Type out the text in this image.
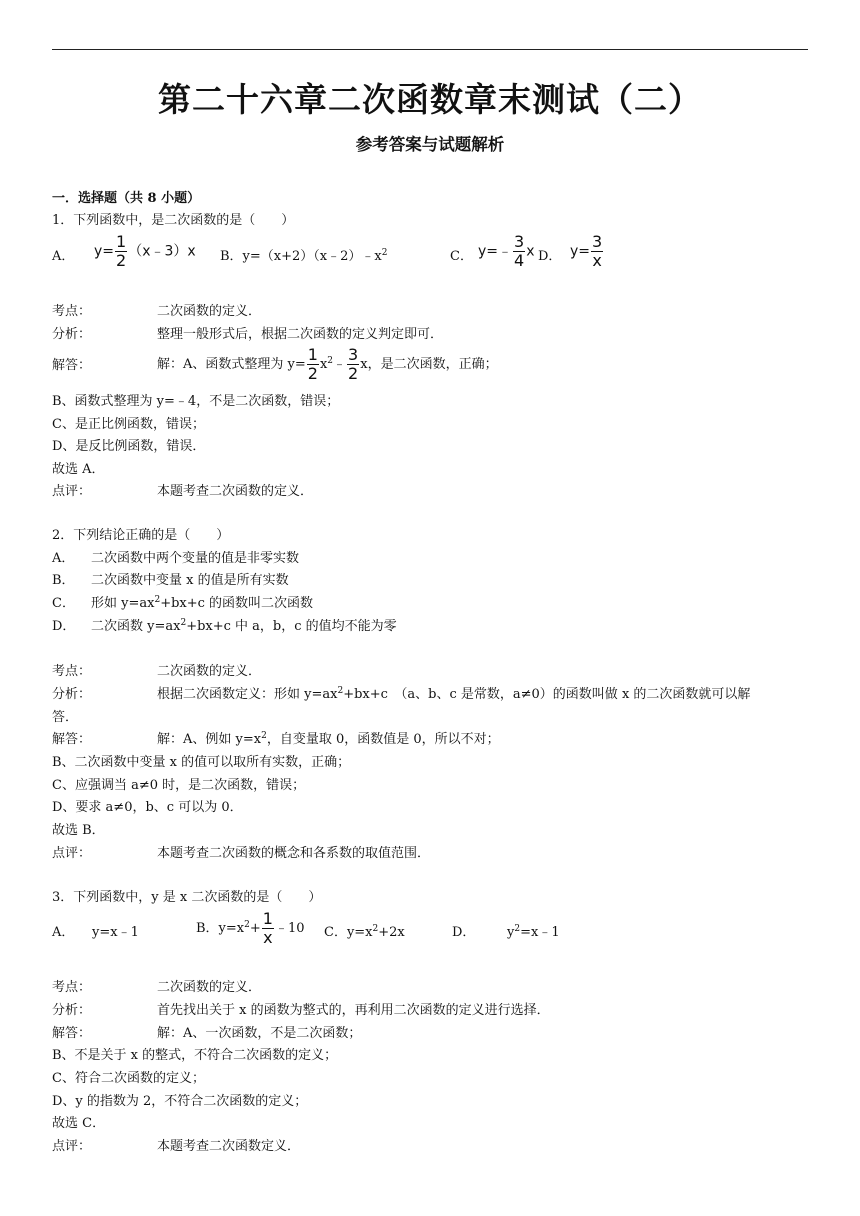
第二十六章二次函数章末测试（二）
参考答案与试题解析
一．选择题（共 8 小题）
1．下列函数中，是二次函数的是（　　）
A． $y= \frac{1}{2}$ （x﹣3）x B．$y=(x+2)(x﹣2)﹣x^2$	C． y=﹣ $\frac{3}{4}$ x D． $y= \frac{3}{x}$
考点：	二次函数的定义．
分析：	整理一般形式后，根据二次函数的定义判定即可．
解答：	解：A、函数式整理为 $y= \frac{1}{2}$ $x^2﹣ \frac{3}{2}$ x，是二次函数，正确；
B、函数式整理为 y=﹣4，不是二次函数，错误；
C、是正比例函数，错误；
D、是反比例函数，错误．
故选 A．
点评：	本题考查二次函数的定义．
2．下列结论正确的是（　　）
A． 二次函数中两个变量的值是非零实数
B． 二次函数中变量 x 的值是所有实数
C． 形如 $y=ax^2+bx+c$ 的函数叫二次函数
D． 二次函数 $y=ax^2+bx+c$ 中 a，b，c 的值均不能为零
考点：	二次函数的定义．
分析：	根据二次函数定义：形如 $y=ax^2+bx+c$　（a、b、c 是常数，a≠0）的函数叫做 x 的二次函数就可以解
答．
解答：	解：A、例如 $y=x^2$，自变量取 0，函数值是 0，所以不对；
B、二次函数中变量 x 的值可以取所有实数，正确；
C、应强调当 a≠0 时，是二次函数，错误；
D、要求 a≠0，b、c 可以为 0．
故选 B．
点评：	本题考查二次函数的概念和各系数的取值范围．
3．下列函数中，y 是 x 二次函数的是（　　）
A． y=x﹣1	B．$y=x^2+ \frac{1}{x}$ ﹣10 C．$y=x^2+2x$	D． $y^2=x﹣1$
考点：	二次函数的定义．
分析：	首先找出关于 x 的函数为整式的，再利用二次函数的定义进行选择．
解答：	解：A、一次函数，不是二次函数；
B、不是关于 x 的整式，不符合二次函数的定义；
C、符合二次函数的定义；
D、y 的指数为 2，不符合二次函数的定义；
故选 C．
点评：	本题考查二次函数定义．
